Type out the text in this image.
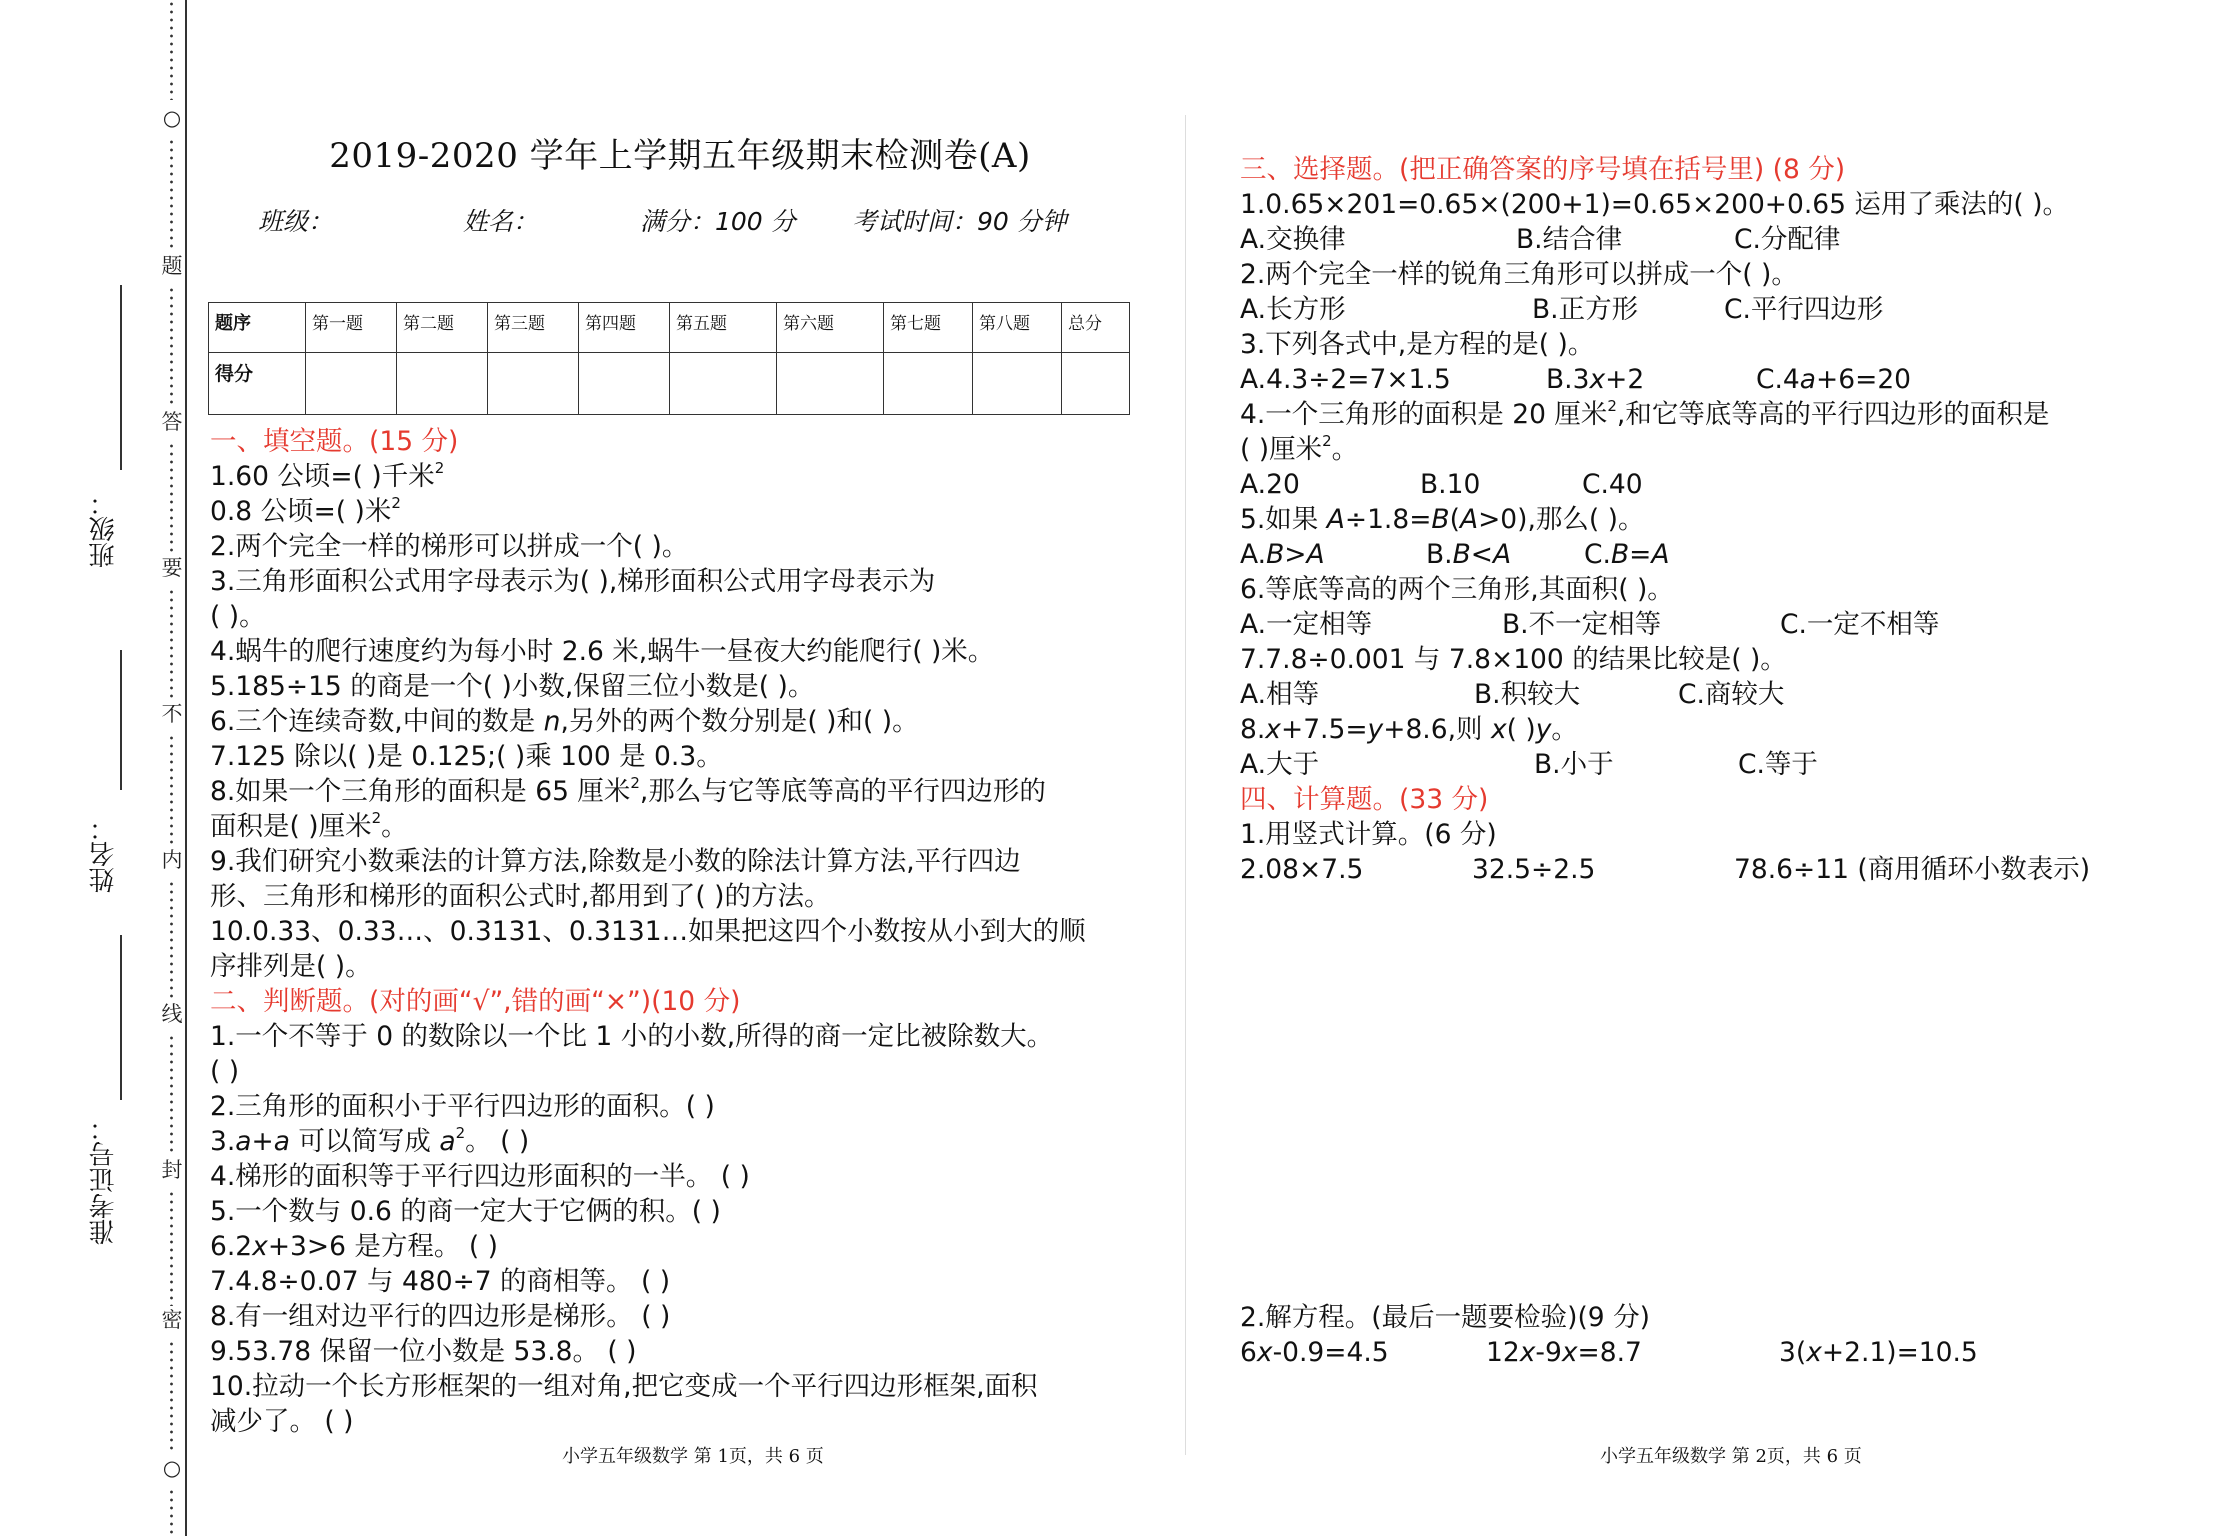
班级：
姓名：
准考证号：
○
题
答
要
不
内
线
封
密
○
2019-2020 学年上学期五年级期末检测卷(A)
班级：	姓名：	满分：100 分 考试时间：90 分钟
题序	第一题	第二题	第三题	第四题	第五题	第六题	第七题	第八题	总分
得分									
一、填空题。(15 分)
1.60 公顷=( )千米$^2$
0.8 公顷=( )米$^2$
2.两个完全一样的梯形可以拼成一个( )。
3.三角形面积公式用字母表示为( ),梯形面积公式用字母表示为
( )。
4.蜗牛的爬行速度约为每小时 2.6 米,蜗牛一昼夜大约能爬行( )米。
5.185÷15 的商是一个( )小数,保留三位小数是( )。
6.三个连续奇数,中间的数是 n,另外的两个数分别是( )和( )。
7.125 除以( )是 0.125;( )乘 100 是 0.3。
8.如果一个三角形的面积是 65 厘米$^2$,那么与它等底等高的平行四边形的
面积是( )厘米$^2$。
9.我们研究小数乘法的计算方法,除数是小数的除法计算方法,平行四边
形、三角形和梯形的面积公式时,都用到了( )的方法。
10.0.33、0.33…、0.3131、0.3131…如果把这四个小数按从小到大的顺
序排列是( )。
二、判断题。(对的画“√”,错的画“×”)(10 分)
1.一个不等于 0 的数除以一个比 1 小的小数,所得的商一定比被除数大。
( )
2.三角形的面积小于平行四边形的面积。( )
3.a+a 可以简写成 $a^2$。 ( )
4.梯形的面积等于平行四边形面积的一半。 ( )
5.一个数与 0.6 的商一定大于它俩的积。( )
6.2x+3>6 是方程。 ( )
7.4.8÷0.07 与 480÷7 的商相等。 ( )
8.有一组对边平行的四边形是梯形。 ( )
9.53.78 保留一位小数是 53.8。 ( )
10.拉动一个长方形框架的一组对角,把它变成一个平行四边形框架,面积
减少了。 ( )
三、选择题。(把正确答案的序号填在括号里) (8 分)
1.0.65×201=0.65×(200+1)=0.65×200+0.65 运用了乘法的( )。
A.交换律	B.结合律	C.分配律
2.两个完全一样的锐角三角形可以拼成一个( )。
A.长方形	B.正方形	C.平行四边形
3.下列各式中,是方程的是( )。
A.4.3÷2=7×1.5	B.3x+2	C.4a+6=20
4.一个三角形的面积是 20 厘米$^2$,和它等底等高的平行四边形的面积是
( )厘米$^2$。
A.20	B.10	C.40
5.如果 A÷1.8=B(A>0),那么( )。
A.B>A	B.B<A	C.B=A
6.等底等高的两个三角形,其面积( )。
A.一定相等	B.不一定相等	C.一定不相等
7.7.8÷0.001 与 7.8×100 的结果比较是( )。
A.相等	B.积较大	C.商较大
8.x+7.5=y+8.6,则 x( )y。
A.大于	B.小于	C.等于
四、计算题。(33 分)
1.用竖式计算。(6 分)
2.08×7.5	32.5÷2.5	78.6÷11 (商用循环小数表示)
2.解方程。(最后一题要检验)(9 分)
6x-0.9=4.5	12x-9x=8.7	3(x+2.1)=10.5
小学五年级数学 第 1页，共 6 页	小学五年级数学 第 2页，共 6 页
